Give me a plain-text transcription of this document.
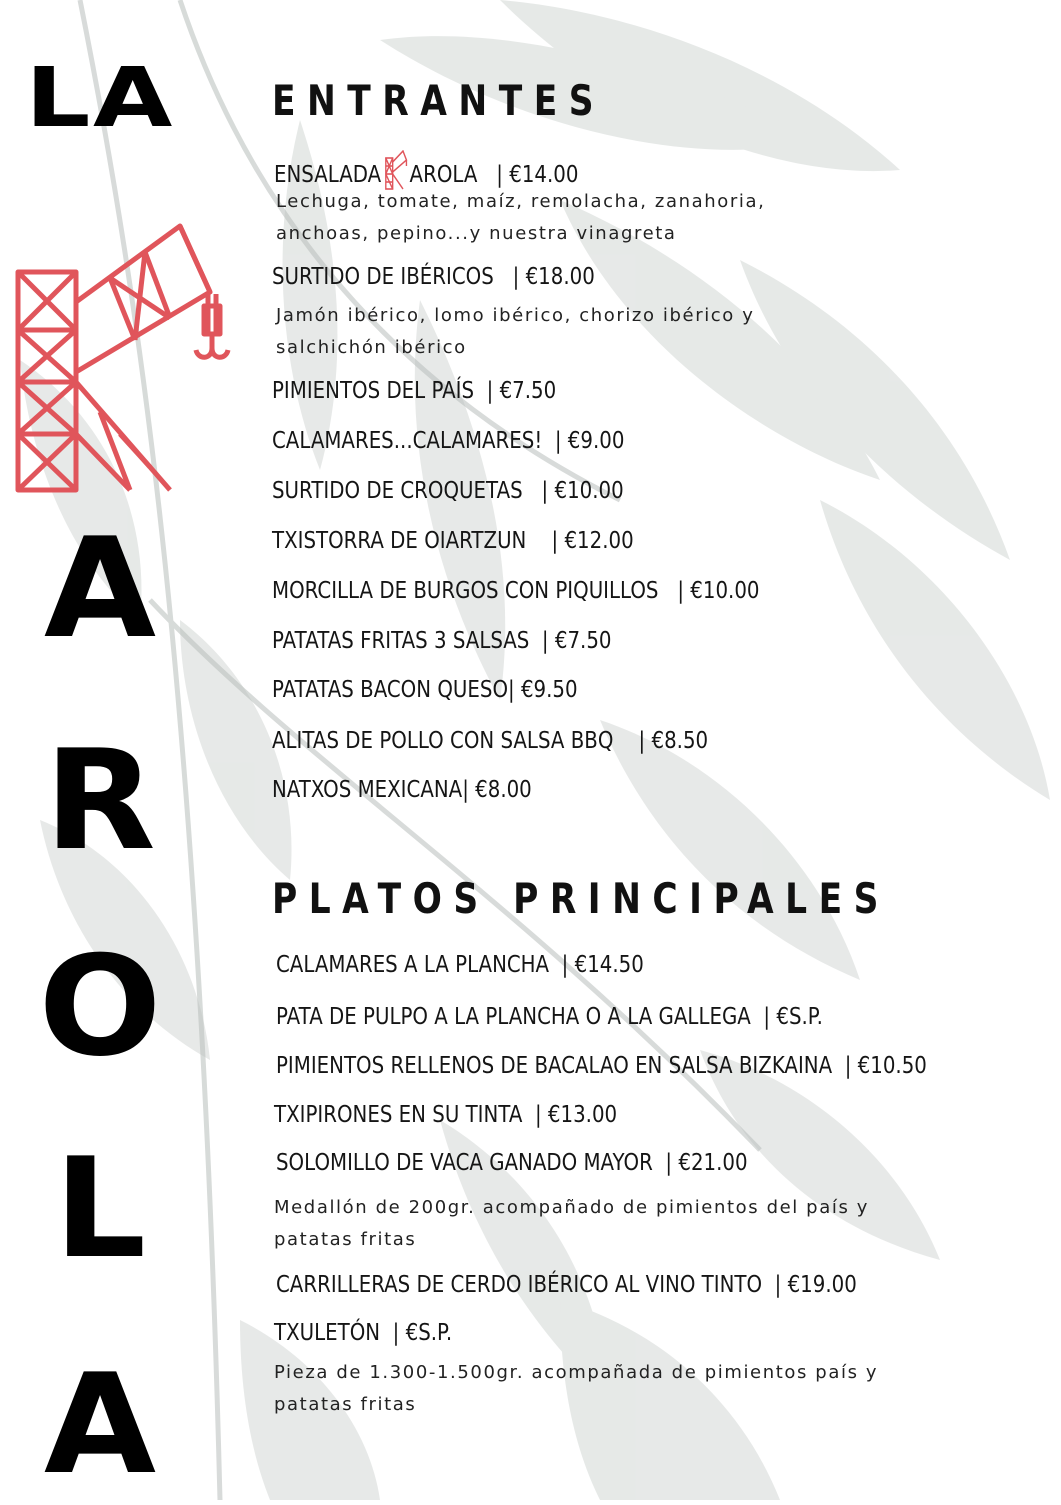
LA
A
R
O
L
A
ENTRANTES
ENSALADA AROLA | €14.00
Lechuga, tomate, maíz, remolacha, zanahoria,
anchoas, pepino...y nuestra vinagreta
SURTIDO DE IBÉRICOS | €18.00
Jamón ibérico, lomo ibérico, chorizo ibérico y
salchichón ibérico
PIMIENTOS DEL PAÍS | €7.50
CALAMARES...CALAMARES! | €9.00
SURTIDO DE CROQUETAS | €10.00
TXISTORRA DE OIARTZUN | €12.00
MORCILLA DE BURGOS CON PIQUILLOS | €10.00
PATATAS FRITAS 3 SALSAS | €7.50
PATATAS BACON QUESO| €9.50
ALITAS DE POLLO CON SALSA BBQ | €8.50
NATXOS MEXICANA| €8.00
PLATOS PRINCIPALES
CALAMARES A LA PLANCHA | €14.50
PATA DE PULPO A LA PLANCHA O A LA GALLEGA | €S.P.
PIMIENTOS RELLENOS DE BACALAO EN SALSA BIZKAINA | €10.50
TXIPIRONES EN SU TINTA | €13.00
SOLOMILLO DE VACA GANADO MAYOR | €21.00
Medallón de 200gr. acompañado de pimientos del país y
patatas fritas
CARRILLERAS DE CERDO IBÉRICO AL VINO TINTO | €19.00
TXULETÓN | €S.P.
Pieza de 1.300-1.500gr. acompañada de pimientos país y
patatas fritas
